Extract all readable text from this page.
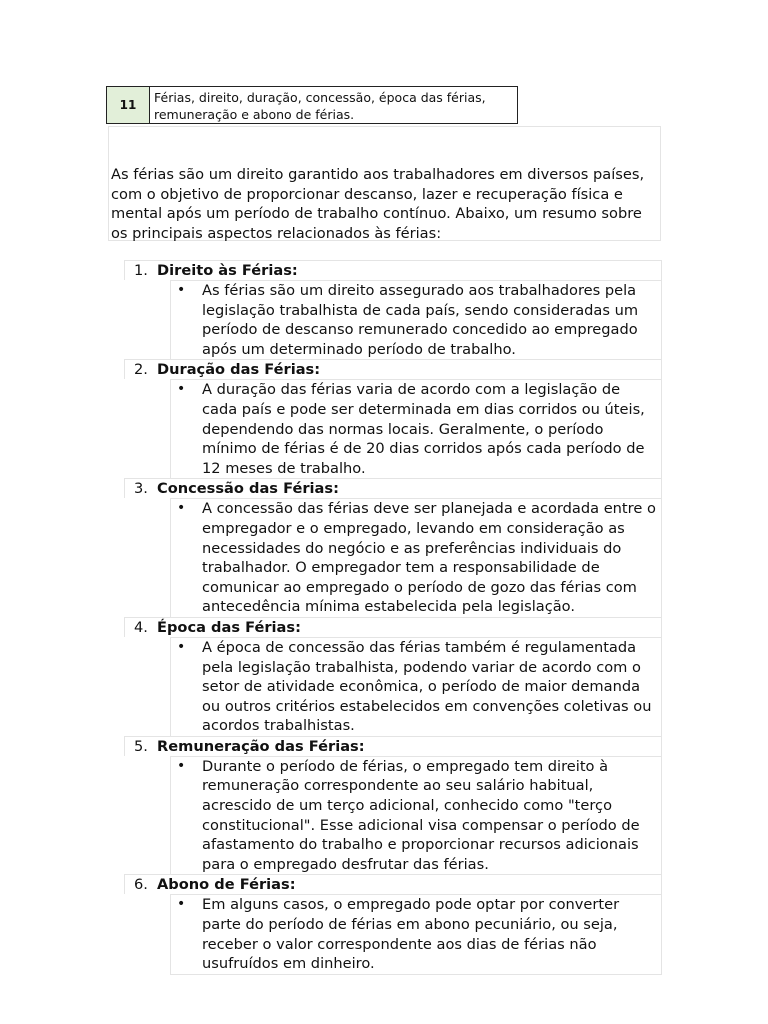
11	Férias, direito, duração, concessão, época das férias,
remuneração e abono de férias.

As férias são um direito garantido aos trabalhadores em diversos países, com o objetivo de proporcionar descanso, lazer e recuperação física e mental após um período de trabalho contínuo. Abaixo, um resumo sobre os principais aspectos relacionados às férias:

1. Direito às Férias:
• As férias são um direito assegurado aos trabalhadores pela legislação trabalhista de cada país, sendo consideradas um período de descanso remunerado concedido ao empregado após um determinado período de trabalho.
2. Duração das Férias:
• A duração das férias varia de acordo com a legislação de cada país e pode ser determinada em dias corridos ou úteis, dependendo das normas locais. Geralmente, o período mínimo de férias é de 20 dias corridos após cada período de 12 meses de trabalho.
3. Concessão das Férias:
• A concessão das férias deve ser planejada e acordada entre o empregador e o empregado, levando em consideração as necessidades do negócio e as preferências individuais do trabalhador. O empregador tem a responsabilidade de comunicar ao empregado o período de gozo das férias com antecedência mínima estabelecida pela legislação.
4. Época das Férias:
• A época de concessão das férias também é regulamentada pela legislação trabalhista, podendo variar de acordo com o setor de atividade econômica, o período de maior demanda ou outros critérios estabelecidos em convenções coletivas ou acordos trabalhistas.
5. Remuneração das Férias:
• Durante o período de férias, o empregado tem direito à remuneração correspondente ao seu salário habitual, acrescido de um terço adicional, conhecido como "terço constitucional". Esse adicional visa compensar o período de afastamento do trabalho e proporcionar recursos adicionais para o empregado desfrutar das férias.
6. Abono de Férias:
• Em alguns casos, o empregado pode optar por converter parte do período de férias em abono pecuniário, ou seja, receber o valor correspondente aos dias de férias não usufruídos em dinheiro.
